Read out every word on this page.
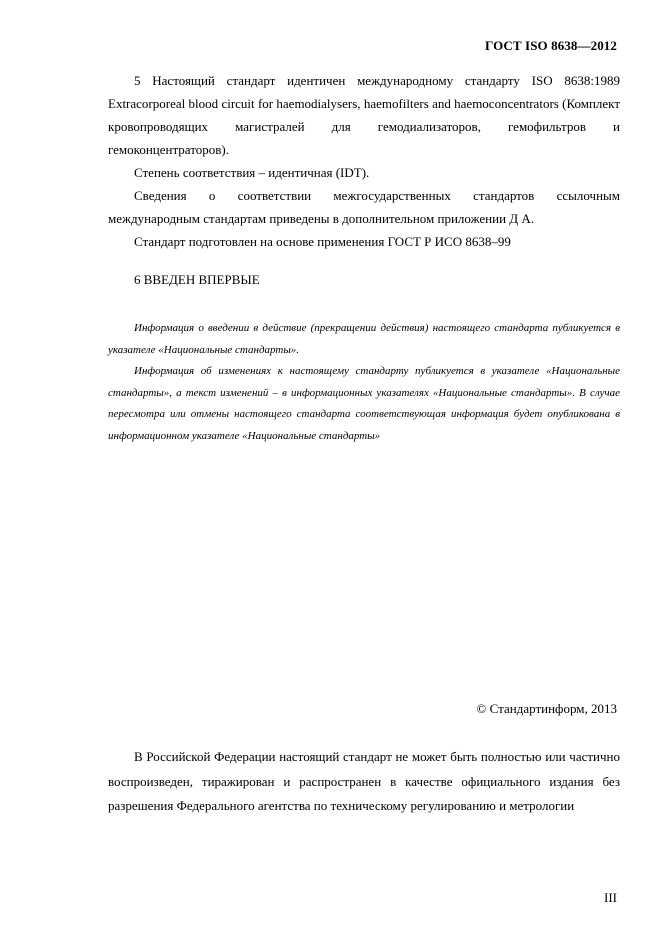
ГОСТ ISO 8638—2012

5 Настоящий стандарт идентичен международному стандарту ISO 8638:1989 Extracorporeal blood circuit for haemodialysers, haemofilters and haemoconcentrators (Комплект кровопроводящих магистралей для гемодиализаторов, гемофильтров и гемоконцентраторов).

Степень соответствия – идентичная (IDT).

Сведения о соответствии межгосударственных стандартов ссылочным международным стандартам приведены в дополнительном приложении Д А.

Стандарт подготовлен на основе применения ГОСТ Р ИСО 8638–99

6 ВВЕДЕН ВПЕРВЫЕ

Информация о введении в действие (прекращении действия) настоящего стандарта публикуется в указателе «Национальные стандарты».

Информация об изменениях к настоящему стандарту публикуется в указателе «Национальные стандарты», а текст изменений – в информационных указателях «Национальные стандарты». В случае пересмотра или отмены настоящего стандарта соответствующая информация будет опубликована в информационном указателе «Национальные стандарты»

© Стандартинформ, 2013

В Российской Федерации настоящий стандарт не может быть полностью или частично воспроизведен, тиражирован и распространен в качестве официального издания без разрешения Федерального агентства по техническому регулированию и метрологии

III
